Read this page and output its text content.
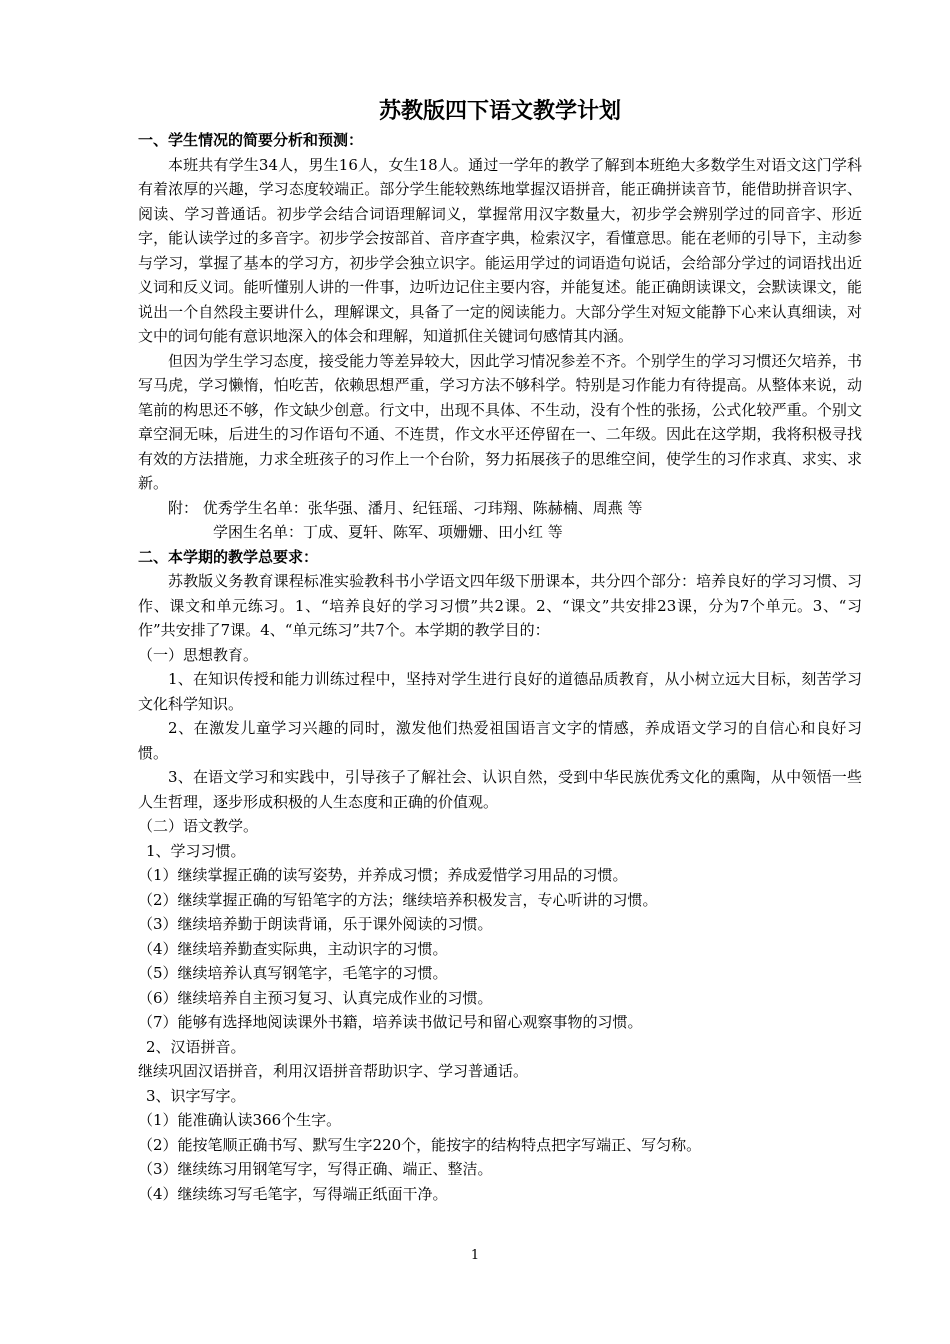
苏教版四下语文教学计划

一、学生情况的简要分析和预测：

本班共有学生34人，男生16人，女生18人。通过一学年的教学了解到本班绝大多数学生对语文这门学科有着浓厚的兴趣，学习态度较端正。部分学生能较熟练地掌握汉语拼音，能正确拼读音节，能借助拼音识字、阅读、学习普通话。初步学会结合词语理解词义，掌握常用汉字数量大，初步学会辨别学过的同音字、形近字，能认读学过的多音字。初步学会按部首、音序查字典，检索汉字，看懂意思。能在老师的引导下，主动参与学习，掌握了基本的学习方，初步学会独立识字。能运用学过的词语造句说话，会给部分学过的词语找出近义词和反义词。能听懂别人讲的一件事，边听边记住主要内容，并能复述。能正确朗读课文，会默读课文，能说出一个自然段主要讲什么，理解课文，具备了一定的阅读能力。大部分学生对短文能静下心来认真细读，对文中的词句能有意识地深入的体会和理解，知道抓住关键词句感情其内涵。

但因为学生学习态度，接受能力等差异较大，因此学习情况参差不齐。个别学生的学习习惯还欠培养，书写马虎，学习懒惰，怕吃苦，依赖思想严重，学习方法不够科学。特别是习作能力有待提高。从整体来说，动笔前的构思还不够，作文缺少创意。行文中，出现不具体、不生动，没有个性的张扬，公式化较严重。个别文章空洞无味，后进生的习作语句不通、不连贯，作文水平还停留在一、二年级。因此在这学期，我将积极寻找有效的方法措施，力求全班孩子的习作上一个台阶，努力拓展孩子的思维空间，使学生的习作求真、求实、求新。

附： 优秀学生名单：张华强、潘月、纪钰瑶、刁玮翔、陈赫楠、周燕 等

学困生名单：丁成、夏轩、陈军、项姗姗、田小红 等

二、本学期的教学总要求：

苏教版义务教育课程标准实验教科书小学语文四年级下册课本，共分四个部分：培养良好的学习习惯、习作、课文和单元练习。1、“培养良好的学习习惯”共2课。2、“课文”共安排23课，分为7个单元。3、“习作”共安排了7课。4、“单元练习”共7个。本学期的教学目的：

（一）思想教育。

1、在知识传授和能力训练过程中，坚持对学生进行良好的道德品质教育，从小树立远大目标，刻苦学习文化科学知识。

2、在激发儿童学习兴趣的同时，激发他们热爱祖国语言文字的情感，养成语文学习的自信心和良好习惯。

3、在语文学习和实践中，引导孩子了解社会、认识自然，受到中华民族优秀文化的熏陶，从中领悟一些人生哲理，逐步形成积极的人生态度和正确的价值观。

（二）语文教学。

1、学习习惯。

（1）继续掌握正确的读写姿势，并养成习惯；养成爱惜学习用品的习惯。

（2）继续掌握正确的写铅笔字的方法；继续培养积极发言，专心听讲的习惯。

（3）继续培养勤于朗读背诵，乐于课外阅读的习惯。

（4）继续培养勤查实际典，主动识字的习惯。

（5）继续培养认真写钢笔字，毛笔字的习惯。

（6）继续培养自主预习复习、认真完成作业的习惯。

（7）能够有选择地阅读课外书籍，培养读书做记号和留心观察事物的习惯。

2、汉语拼音。

继续巩固汉语拼音，利用汉语拼音帮助识字、学习普通话。

3、识字写字。

（1）能准确认读366个生字。

（2）能按笔顺正确书写、默写生字220个，能按字的结构特点把字写端正、写匀称。

（3）继续练习用钢笔写字，写得正确、端正、整洁。

（4）继续练习写毛笔字，写得端正纸面干净。

1
